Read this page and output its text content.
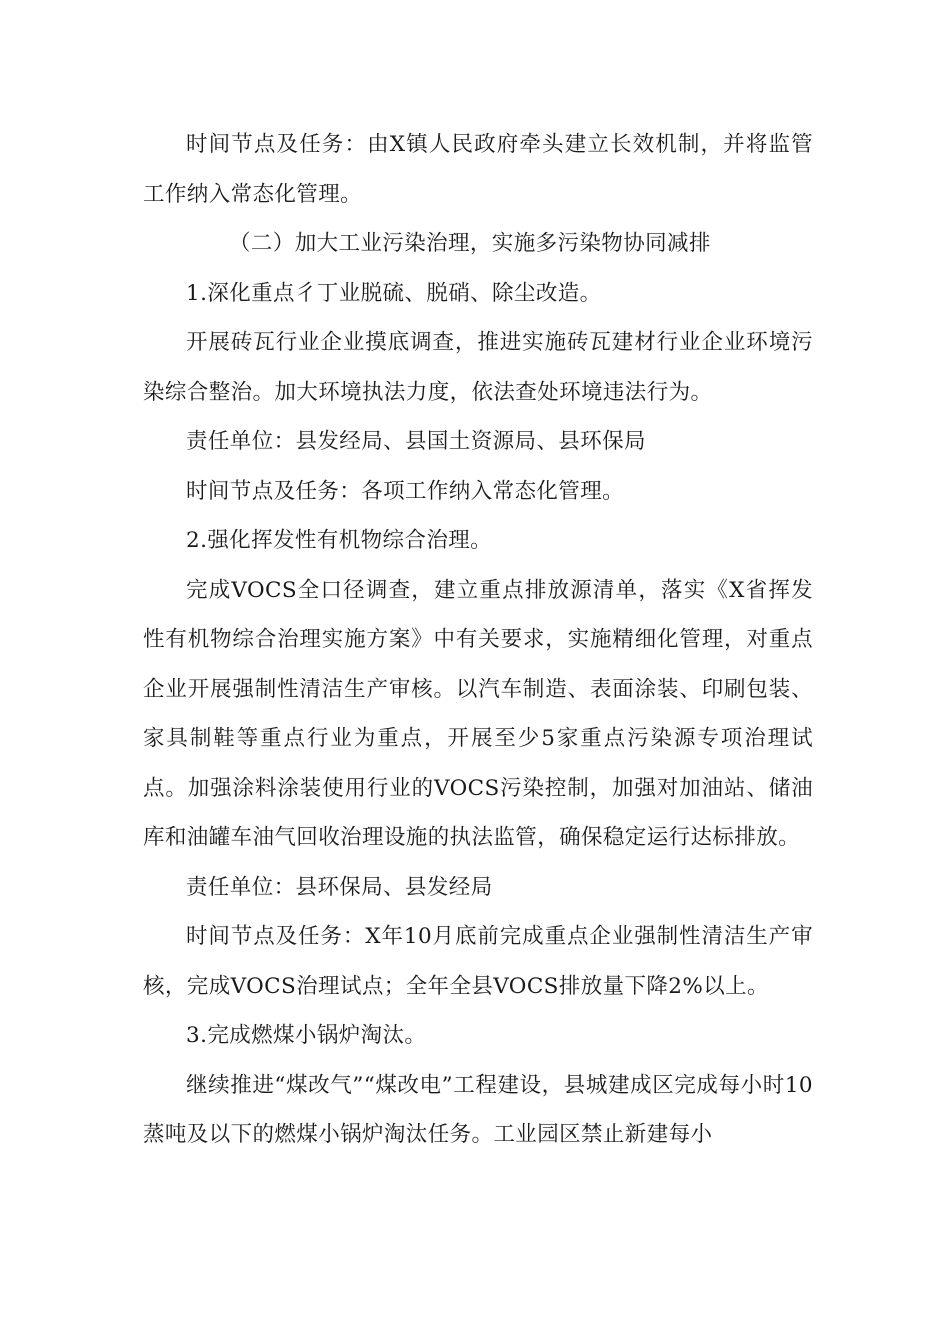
时间节点及任务：由X镇人民政府牵头建立长效机制，并将监管工作纳入常态化管理。

（二）加大工业污染治理，实施多污染物协同减排

1.深化重点彳丁业脱硫、脱硝、除尘改造。

开展砖瓦行业企业摸底调查，推进实施砖瓦建材行业企业环境污染综合整治。加大环境执法力度，依法查处环境违法行为。

责任单位：县发经局、县国土资源局、县环保局

时间节点及任务：各项工作纳入常态化管理。

2.强化挥发性有机物综合治理。

完成VOCS全口径调查，建立重点排放源清单，落实《X省挥发性有机物综合治理实施方案》中有关要求，实施精细化管理，对重点企业开展强制性清洁生产审核。以汽车制造、表面涂装、印刷包装、家具制鞋等重点行业为重点，开展至少5家重点污染源专项治理试点。加强涂料涂装使用行业的VOCS污染控制，加强对加油站、储油库和油罐车油气回收治理设施的执法监管，确保稳定运行达标排放。

责任单位：县环保局、县发经局

时间节点及任务：X年10月底前完成重点企业强制性清洁生产审核，完成VOCS治理试点；全年全县VOCS排放量下降2%以上。

3.完成燃煤小锅炉淘汰。

继续推进“煤改气”“煤改电”工程建设，县城建成区完成每小时10蒸吨及以下的燃煤小锅炉淘汰任务。工业园区禁止新建每小
